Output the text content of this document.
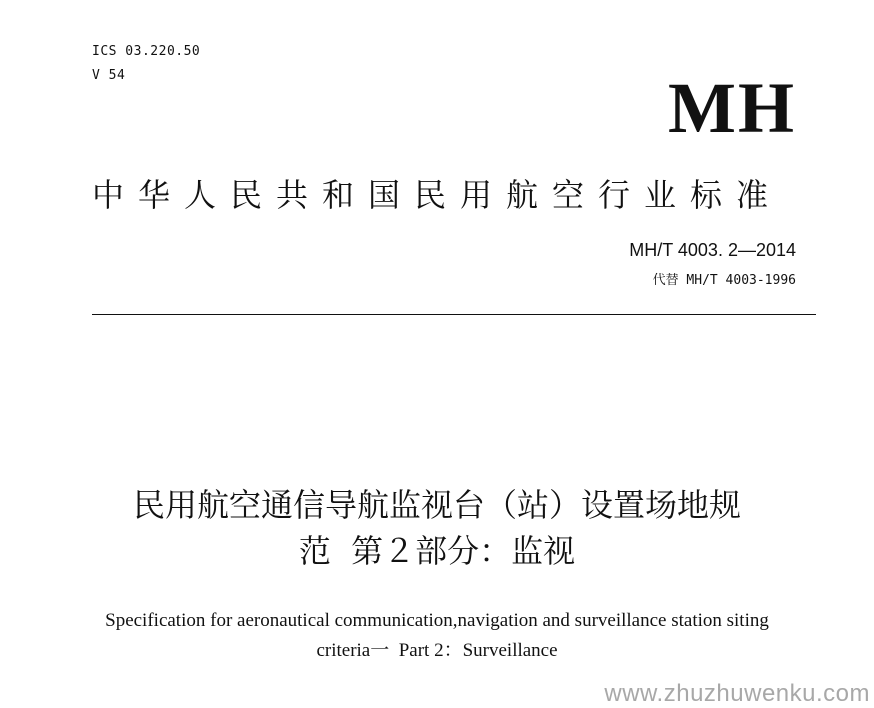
ICS 03.220.50
V 54	MH
中华人民共和国民用航空行业标准
MH/T 4003. 2—2014
代替 MH/T 4003-1996
民用航空通信导航监视台（站）设置场地规
范  第２部分：监视
Specification for aeronautical communication,navigation and surveillance station siting
criteria一  Part 2：Surveillance
www.zhuzhuwenku.com
